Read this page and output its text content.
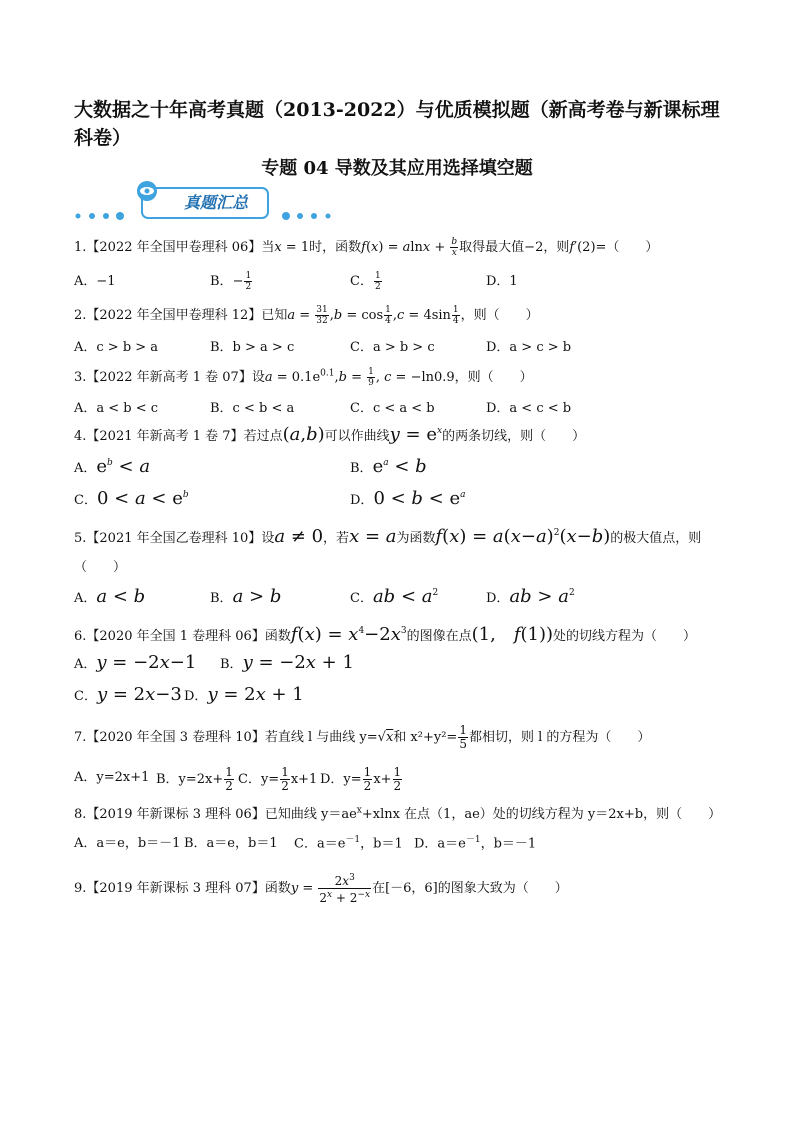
大数据之十年高考真题（2013-2022）与优质模拟题（新高考卷与新课标理科卷）
专题 04 导数及其应用选择填空题
真题汇总
1.【2022 年全国甲卷理科 06】当x = 1时，函数$f(x) = alnx + \frac{b}{x}$ 取得最大值−2，则f′(2)=（　　）
A．−1	B．− $\frac{1}{2}$	C． $\frac{1}{2}$	D．1
2.【2022 年全国甲卷理科 12】已知$a = \frac{31}{32} ,b = \cos \frac{1}{4} ,c = 4\sin \frac{1}{4}$ ，则（　　）
A．c > b > a	B．b > a > c	C．a > b > c	D．a > c > b
3.【2022 年新高考 1 卷 07】设$a = 0.1e^{0.1},b = \frac{1}{9}$ , c = −ln0.9，则（　　）
A．a < b < c	B．c < b < a	C．c < a < b	D．a < c < b
4.【2021 年新高考 1 卷 7】若过点(a,b)可以作曲线$y = e^x$的两条切线，则（　　）
A．$e^b < a$	B．$e^a < b$
C．$0 < a < e^b$	D．$0 < b < e^a$
5.【2021 年全国乙卷理科 10】设a ≠ 0，若x = a为函数$f(x) = a(x-a)^2(x-b)$的极大值点，则
（　　）
A．a < b	B．a > b	C．ab < $a^2$	D．ab > $a^2$
6.【2020 年全国 1 卷理科 06】函数$f(x) = x^4-2x^3$的图像在点(1,　f(1))处的切线方程为（　　）
A．y = −2x−1 B．y = −2x + 1
C．y = 2x−3 D．y = 2x + 1
7.【2020 年全国 3 卷理科 10】若直线 l 与曲线 y=√x和 $x^2+y^2= \frac{1}{5}$ 都相切，则 l 的方程为（　　）
A．y=2x+1 B．$y=2x+ \frac{1}{2}$ C．$y= \frac{1}{2} x+1$ D．$y= \frac{1}{2} x+ \frac{1}{2}$
8.【2019 年新课标 3 理科 06】已知曲线 $y=ae^x+xlnx$ 在点（1，ae）处的切线方程为 y＝2x+b，则（　　）
A．a＝e，b＝－1 B．a＝e，b＝1 C．$a=e^{-1}$，b＝1 D．$a=e^{-1}$，b＝－1
9.【2019 年新课标 3 理科 07】函数$y = \frac{2x^3}{2^x + 2^{-x}}$ 在[－6，6]的图象大致为（　　）
